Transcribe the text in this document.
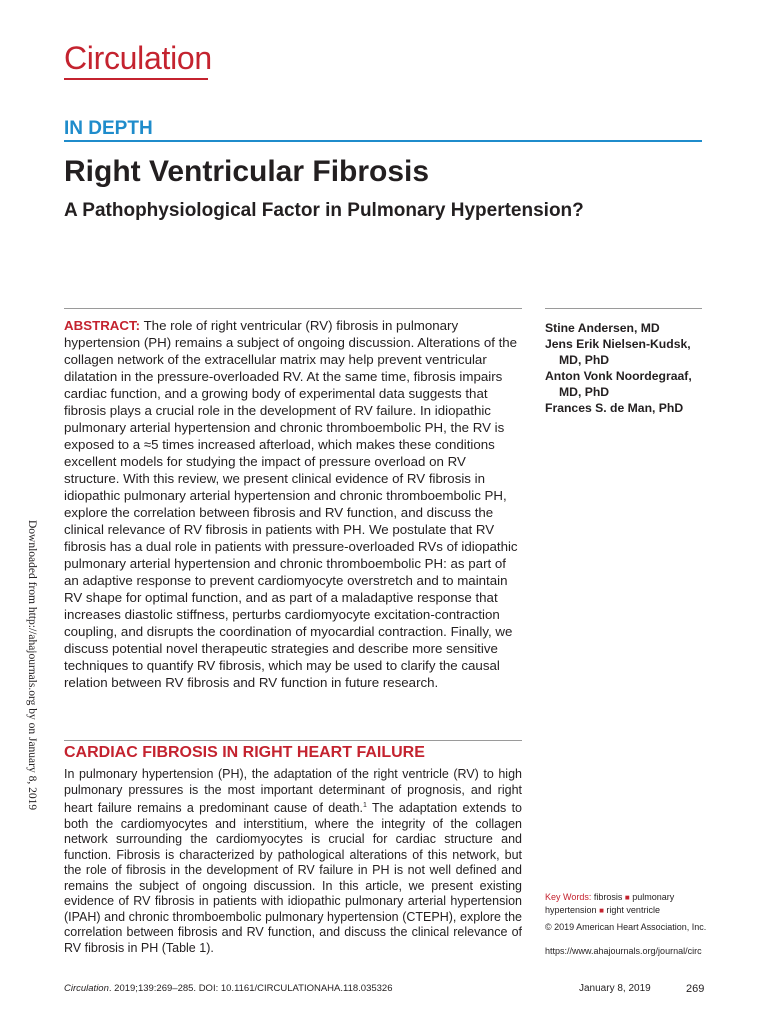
Circulation
IN DEPTH
Right Ventricular Fibrosis
A Pathophysiological Factor in Pulmonary Hypertension?
ABSTRACT: The role of right ventricular (RV) fibrosis in pulmonary hypertension (PH) remains a subject of ongoing discussion. Alterations of the collagen network of the extracellular matrix may help prevent ventricular dilatation in the pressure-overloaded RV. At the same time, fibrosis impairs cardiac function, and a growing body of experimental data suggests that fibrosis plays a crucial role in the development of RV failure. In idiopathic pulmonary arterial hypertension and chronic thromboembolic PH, the RV is exposed to a ≈5 times increased afterload, which makes these conditions excellent models for studying the impact of pressure overload on RV structure. With this review, we present clinical evidence of RV fibrosis in idiopathic pulmonary arterial hypertension and chronic thromboembolic PH, explore the correlation between fibrosis and RV function, and discuss the clinical relevance of RV fibrosis in patients with PH. We postulate that RV fibrosis has a dual role in patients with pressure-overloaded RVs of idiopathic pulmonary arterial hypertension and chronic thromboembolic PH: as part of an adaptive response to prevent cardiomyocyte overstretch and to maintain RV shape for optimal function, and as part of a maladaptive response that increases diastolic stiffness, perturbs cardiomyocyte excitation-contraction coupling, and disrupts the coordination of myocardial contraction. Finally, we discuss potential novel therapeutic strategies and describe more sensitive techniques to quantify RV fibrosis, which may be used to clarify the causal relation between RV fibrosis and RV function in future research.
Stine Andersen, MD
Jens Erik Nielsen-Kudsk,
MD, PhD
Anton Vonk Noordegraaf,
MD, PhD
Frances S. de Man, PhD
Downloaded from http://ahajournals.org by on January 8, 2019 CARDIAC FIBROSIS IN RIGHT HEART FAILURE
In pulmonary hypertension (PH), the adaptation of the right ventricle (RV) to high pulmonary pressures is the most important determinant of prognosis, and right heart failure remains a predominant cause of death.$^1$ The adaptation extends to both the cardiomyocytes and interstitium, where the integrity of the collagen network surrounding the cardiomyocytes is crucial for cardiac structure and function. Fibrosis is characterized by pathological alterations of this network, but the role of fibrosis in the development of RV failure in PH is not well defined and remains the subject of ongoing discussion. In this article, we present existing evidence of RV fibrosis in patients with idiopathic pulmonary arterial hypertension (IPAH) and chronic thromboembolic pulmonary hypertension (CTEPH), explore the correlation between fibrosis and RV function, and discuss the clinical relevance of RV fibrosis in PH (Table 1).
Key Words: fibrosis ■ pulmonary hypertension ■ right ventricle
© 2019 American Heart Association, Inc.
https://www.ahajournals.org/journal/circ
Circulation. 2019;139:269–285. DOI: 10.1161/CIRCULATIONAHA.118.035326	January 8, 2019	269
